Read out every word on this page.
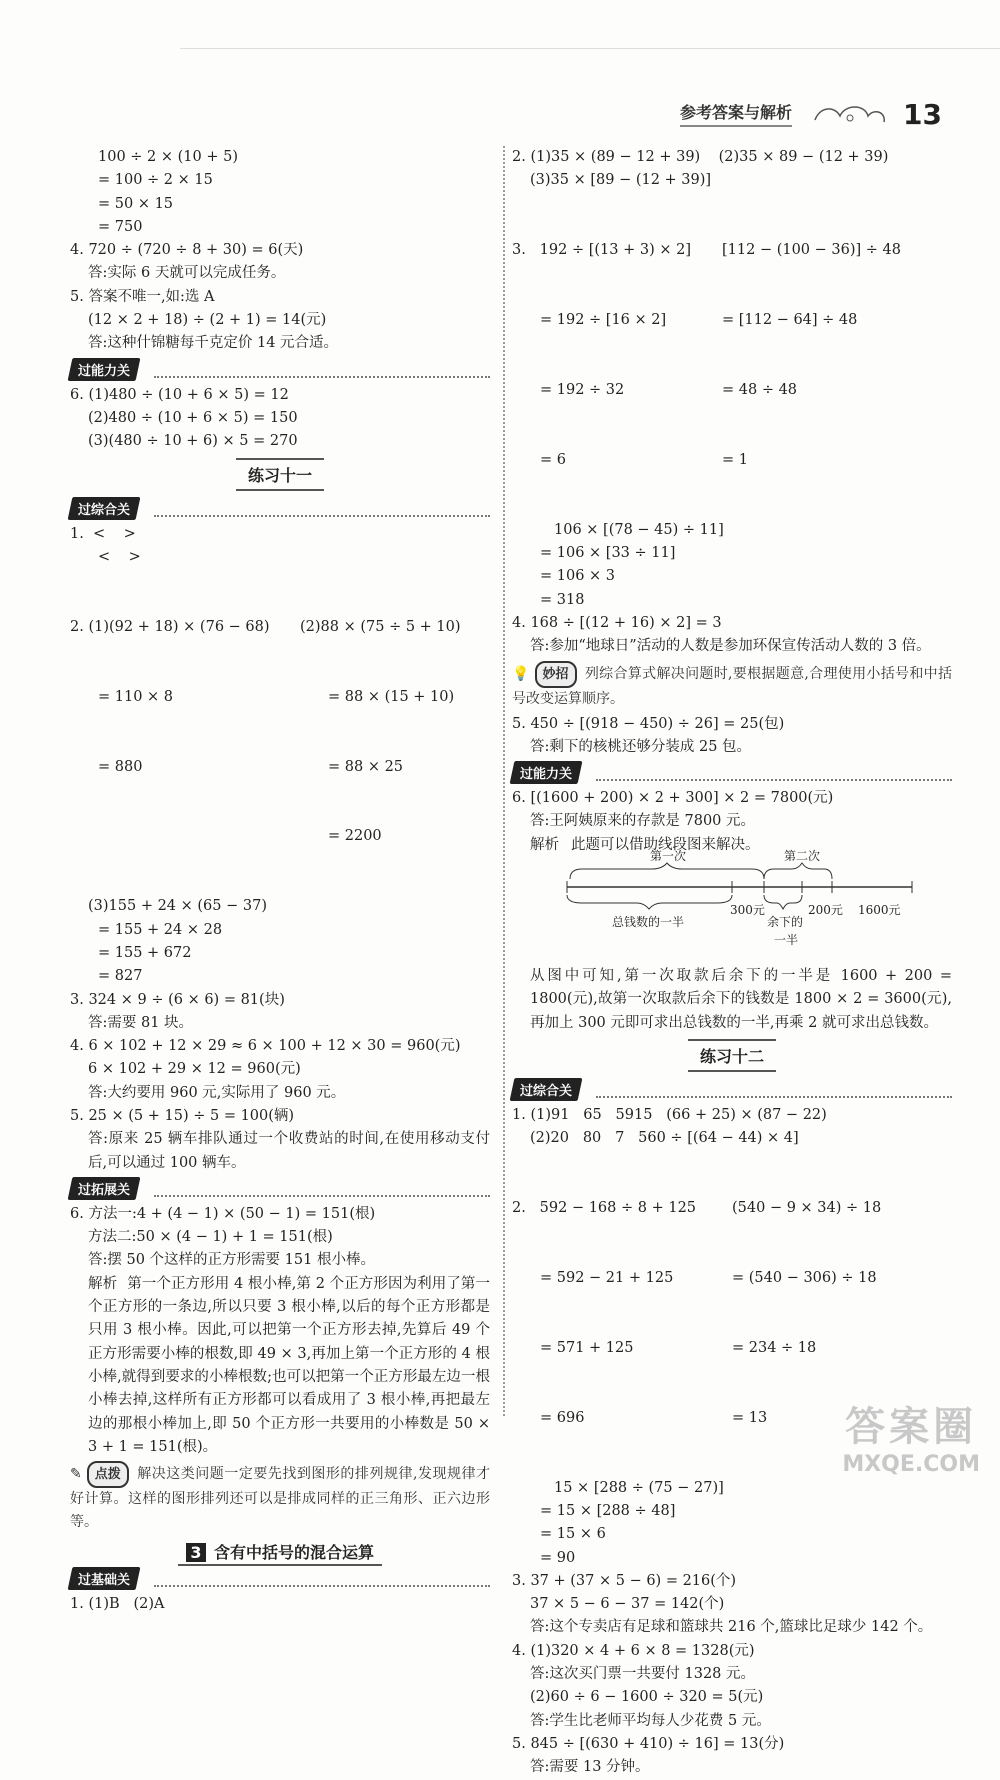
参考答案与解析	13
100 ÷ 2 × (10 + 5)
= 100 ÷ 2 × 15
= 50 × 15
= 750
4. 720 ÷ (720 ÷ 8 + 30) = 6(天)
答:实际 6 天就可以完成任务。
5. 答案不唯一,如:选 A
(12 × 2 + 18) ÷ (2 + 1) = 14(元)
答:这种什锦糖每千克定价 14 元合适。
过能力关
6. (1)480 ÷ (10 + 6 × 5) = 12
(2)480 ÷ (10 + 6 × 5) = 150
(3)(480 ÷ 10 + 6) × 5 = 270
练习十一
过综合关
1.  <    >
<    >

2. (1)(92 + 18) × (76 − 68)

= 110 × 8

= 880

(2)88 × (75 ÷ 5 + 10)

= 88 × (15 + 10)

= 88 × 25

= 2200

(3)155 + 24 × (65 − 37)
= 155 + 24 × 28
= 155 + 672
= 827
3. 324 × 9 ÷ (6 × 6) = 81(块)
答:需要 81 块。
4. 6 × 102 + 12 × 29 ≈ 6 × 100 + 12 × 30 = 960(元)
6 × 102 + 29 × 12 = 960(元)
答:大约要用 960 元,实际用了 960 元。
5. 25 × (5 + 15) ÷ 5 = 100(辆)
答:原来 25 辆车排队通过一个收费站的时间,在使用移动支付后,可以通过 100 辆车。
过拓展关
6. 方法一:4 + (4 − 1) × (50 − 1) = 151(根)
方法二:50 × (4 − 1) + 1 = 151(根)
答:摆 50 个这样的正方形需要 151 根小棒。
解析 第一个正方形用 4 根小棒,第 2 个正方形因为利用了第一个正方形的一条边,所以只要 3 根小棒,以后的每个正方形都是只用 3 根小棒。因此,可以把第一个正方形去掉,先算后 49 个正方形需要小棒的根数,即 49 × 3,再加上第一个正方形的 4 根小棒,就得到要求的小棒根数;也可以把第一个正方形最左边一根小棒去掉,这样所有正方形都可以看成用了 3 根小棒,再把最左边的那根小棒加上,即 50 个正方形一共要用的小棒数是 50 × 3 + 1 = 151(根)。
✎ 点拨 解决这类问题一定要先找到图形的排列规律,发现规律才好计算。这样的图形排列还可以是排成同样的正三角形、正六边形等。
3 含有中括号的混合运算
过基础关
1. (1)B   (2)A
2. (1)35 × (89 − 12 + 39)    (2)35 × 89 − (12 + 39)
(3)35 × [89 − (12 + 39)]

3.   192 ÷ [(13 + 3) × 2]

= 192 ÷ [16 × 2]

= 192 ÷ 32

= 6

[112 − (100 − 36)] ÷ 48

= [112 − 64] ÷ 48

= 48 ÷ 48

= 1

106 × [(78 − 45) ÷ 11]
= 106 × [33 ÷ 11]
= 106 × 3
= 318
4. 168 ÷ [(12 + 16) × 2] = 3
答:参加“地球日”活动的人数是参加环保宣传活动人数的 3 倍。
💡 妙招 列综合算式解决问题时,要根据题意,合理使用小括号和中括号改变运算顺序。
5. 450 ÷ [(918 − 450) ÷ 26] = 25(包)
答:剩下的核桃还够分装成 25 包。
过能力关
6. [(1600 + 200) × 2 + 300] × 2 = 7800(元)
答:王阿姨原来的存款是 7800 元。
解析 此题可以借助线段图来解决。
第一次	第二次
总钱数的一半
300元
余下的
一半
200元 1600元
从图中可知,第一次取款后余下的一半是 1600 + 200 = 1800(元),故第一次取款后余下的钱数是 1800 × 2 = 3600(元),再加上 300 元即可求出总钱数的一半,再乘 2 就可求出总钱数。
练习十二
过综合关
1. (1)91   65   5915   (66 + 25) × (87 − 22)
(2)20   80   7   560 ÷ [(64 − 44) × 4]

2.   592 − 168 ÷ 8 + 125

= 592 − 21 + 125

= 571 + 125

= 696

(540 − 9 × 34) ÷ 18

= (540 − 306) ÷ 18

= 234 ÷ 18

= 13

15 × [288 ÷ (75 − 27)]
= 15 × [288 ÷ 48]
= 15 × 6
= 90
3. 37 + (37 × 5 − 6) = 216(个)
37 × 5 − 6 − 37 = 142(个)
答:这个专卖店有足球和篮球共 216 个,篮球比足球少 142 个。
4. (1)320 × 4 + 6 × 8 = 1328(元)
答:这次买门票一共要付 1328 元。
(2)60 ÷ 6 − 1600 ÷ 320 = 5(元)
答:学生比老师平均每人少花费 5 元。
5. 845 ÷ [(630 + 410) ÷ 16] = 13(分)
答:需要 13 分钟。
答案圈
MXQE.COM
